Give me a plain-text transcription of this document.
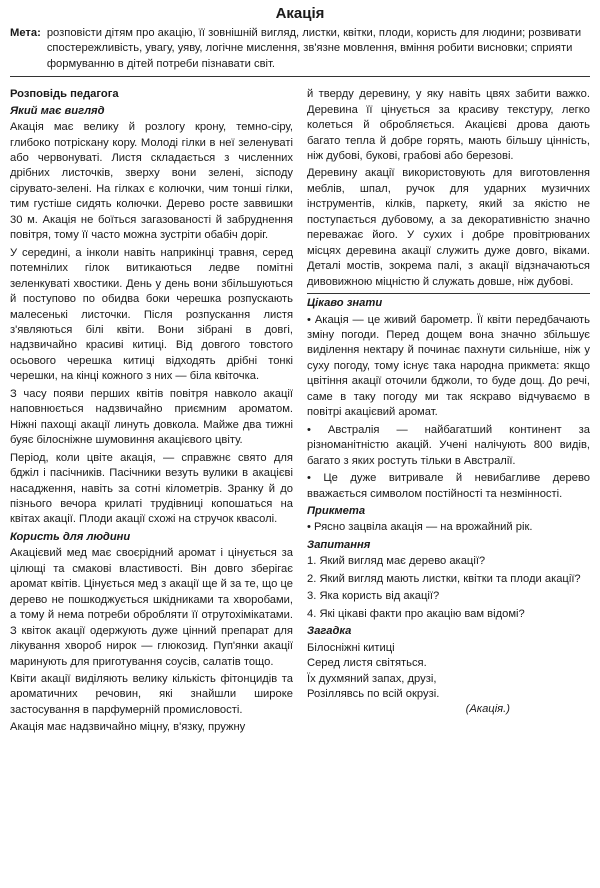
Акація
Мета: розповісти дітям про акацію, її зовнішній вигляд, листки, квітки, плоди, користь для людини; розвивати спостережливість, увагу, уяву, логічне мислення, зв'язне мовлення, вміння робити висновки; сприяти формуванню в дітей потреби пізнавати світ.
Розповідь педагога
Який має вигляд

Акація має велику й розлогу крону, темно-сіру, глибоко потріскану кору. Молоді гілки в неї зеленуваті або червонуваті. Листя складається з численних дрібних листочків, зверху вони зелені, зісподу сірувато-зелені. На гілках є колючки, чим тонші гілки, тим густіше сидять колючки. Дерево росте заввишки 30 м. Акація не боїться загазованості й забруднення повітря, тому її часто можна зустріти обабіч доріг.

У середині, а інколи навіть наприкінці травня, серед потемнілих гілок витикаються ледве помітні зеленкуваті хвостики. День у день вони збільшуються й поступово по обидва боки черешка розпускають малесенькі листочки. Після розпускання листя з'являються білі квіти. Вони зібрані в довгі, надзвичайно красиві китиці. Від довгого товстого осьового черешка китиці відходять дрібні тонкі черешки, на кінці кожного з них — біла квіточка.

З часу появи перших квітів повітря навколо акації наповнюється надзвичайно приємним ароматом. Ніжні пахощі акації линуть довкола. Майже два тижні буяє білосніжне шумовиння акацієвого цвіту.

Період, коли цвіте акація, — справжнє свято для бджіл і пасічників. Пасічники везуть вулики в акацієві насадження, навіть за сотні кілометрів. Зранку й до пізнього вечора крилаті трудівниці копошаться на квітах акації. Плоди акації схожі на стручок квасолі.

Користь для людини

Акацієвий мед має своєрідний аромат і цінується за цілющі та смакові властивості. Він довго зберігає аромат квітів. Цінується мед з акації ще й за те, що це дерево не пошкоджується шкідниками та хворобами, а тому й нема потреби обробляти її отрутохімікатами. З квіток акації одержують дуже цінний препарат для лікування хвороб нирок — глюкозид. Пуп'янки акації маринують для приготування соусів, салатів тощо.

Квіти акації виділяють велику кількість фітонцидів та ароматичних речовин, які знайшли широке застосування в парфумерній промисловості.

Акація має надзвичайно міцну, в'язку, пружну

й тверду деревину, у яку навіть цвях забити важко. Деревина її цінується за красиву текстуру, легко колеться й обробляється. Акацієві дрова дають багато тепла й добре горять, мають більшу цінність, ніж дубові, букові, грабові або березові.

Деревину акації використовують для виготовлення меблів, шпал, ручок для ударних музичних інструментів, кілків, паркету, який за якістю не поступається дубовому, а за декоративністю значно переважає його. У сухих і добре провітрюваних місцях деревина акації служить дуже довго, віками. Деталі мостів, зокрема палі, з акації відзначаються дивовижною міцністю й служать довше, ніж дубові.

Цікаво знати

• Акація — це живий барометр. Її квіти передбачають зміну погоди. Перед дощем вона значно збільшує виділення нектару й починає пахнути сильніше, ніж у суху погоду, тому існує така народна прикмета: якщо цвітіння акації оточили бджоли, то буде дощ. До речі, саме в таку погоду ми так яскраво відчуваємо в повітрі акацієвий аромат.

• Австралія — найбагатший континент за різноманітністю акацій. Учені налічують 800 видів, багато з яких ростуть тільки в Австралії.

• Це дуже витривале й невибагливе дерево вважається символом постійності та незмінності.

Прикмета

• Рясно зацвіла акація — на врожайний рік.

Запитання
1. Який вигляд має дерево акації?
2. Який вигляд мають листки, квітки та плоди акації?
3. Яка користь від акації?
4. Які цікаві факти про акацію вам відомі?
Загадка
Білосніжні китиці
Серед листя світяться.
Їх духмяний запах, друзі,
Розіллявсь по всій окрузі.
(Акація.)
